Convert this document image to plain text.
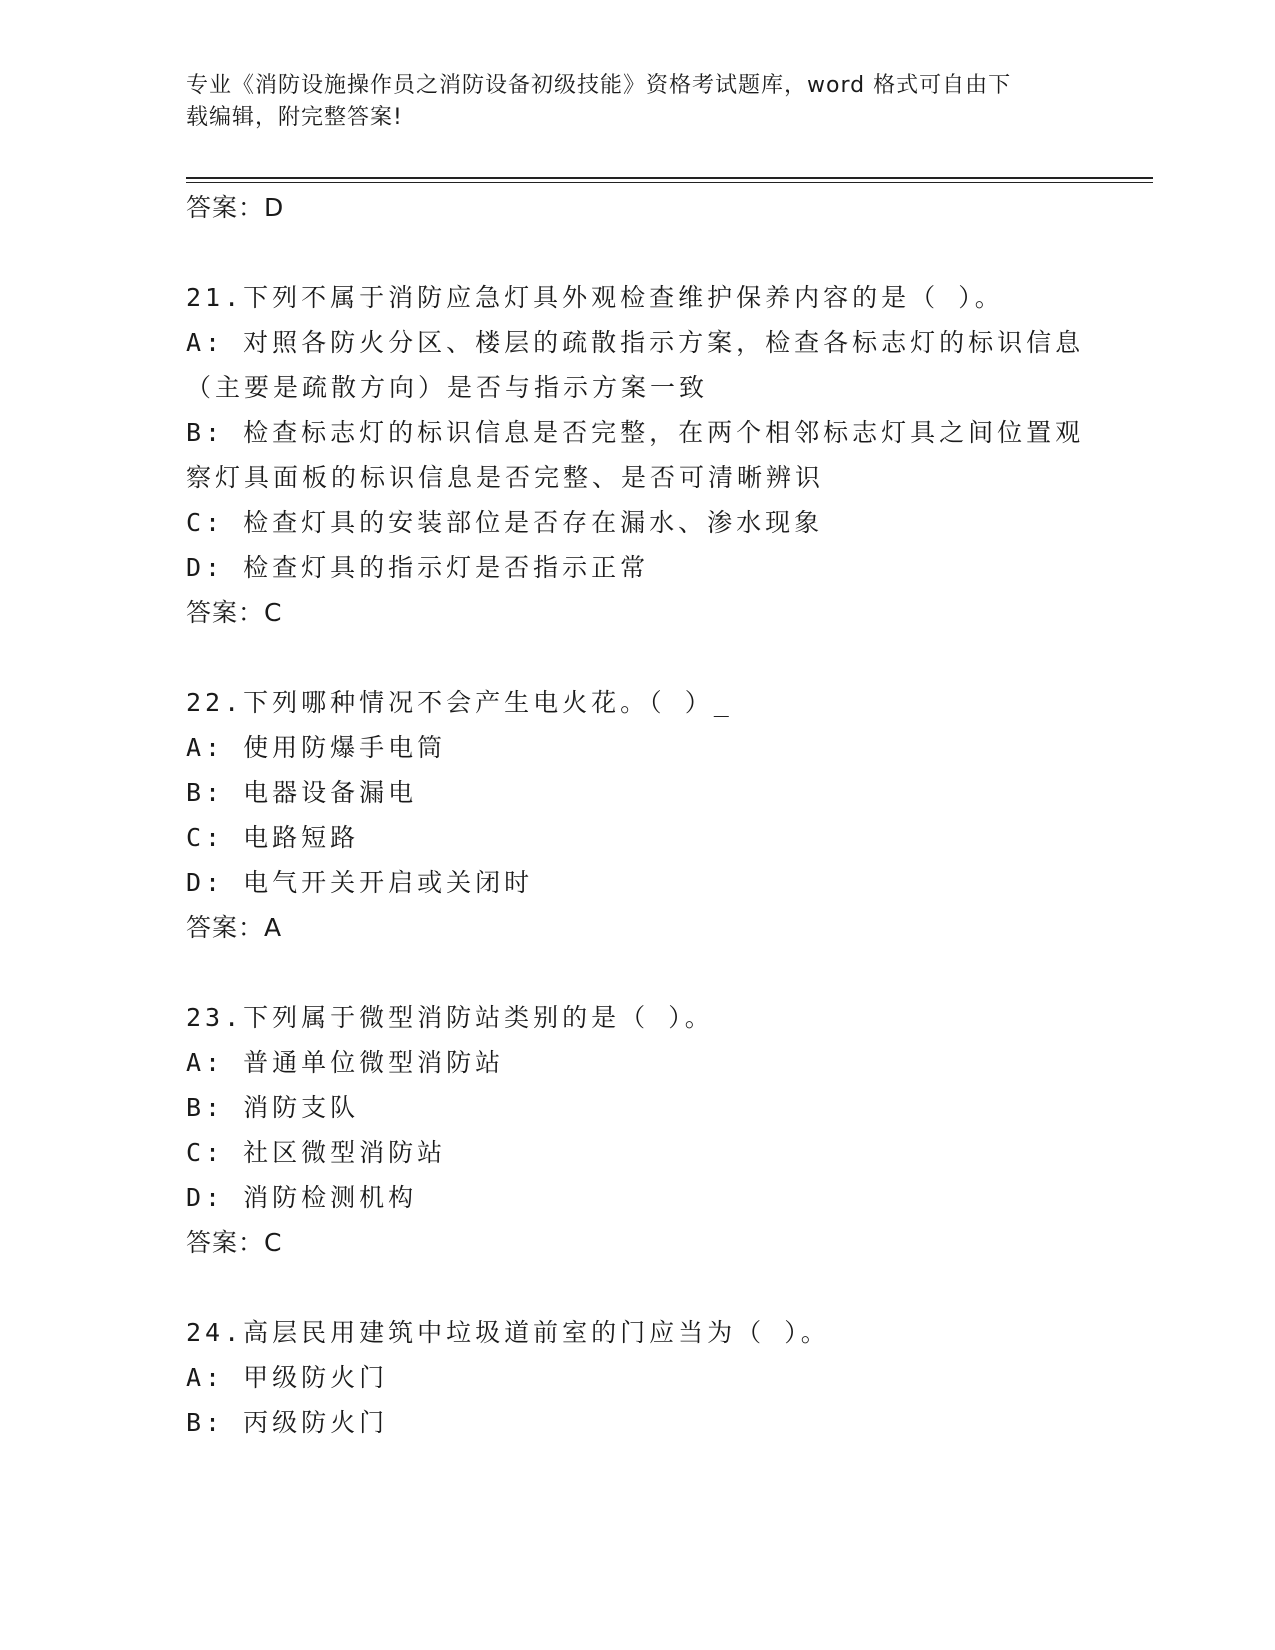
专业《消防设施操作员之消防设备初级技能》资格考试题库，word 格式可自由下
载编辑，附完整答案!
答案：D
21.下列不属于消防应急灯具外观检查维护保养内容的是（ ）。
A: 对照各防火分区、楼层的疏散指示方案，检查各标志灯的标识信息
（主要是疏散方向）是否与指示方案一致
B: 检查标志灯的标识信息是否完整，在两个相邻标志灯具之间位置观
察灯具面板的标识信息是否完整、是否可清晰辨识
C: 检查灯具的安装部位是否存在漏水、渗水现象
D: 检查灯具的指示灯是否指示正常
答案：C
22.下列哪种情况不会产生电火花。（ ）_
A: 使用防爆手电筒
B: 电器设备漏电
C: 电路短路
D: 电气开关开启或关闭时
答案：A
23.下列属于微型消防站类别的是（ ）。
A: 普通单位微型消防站
B: 消防支队
C: 社区微型消防站
D: 消防检测机构
答案：C
24.高层民用建筑中垃圾道前室的门应当为（ ）。
A: 甲级防火门
B: 丙级防火门
